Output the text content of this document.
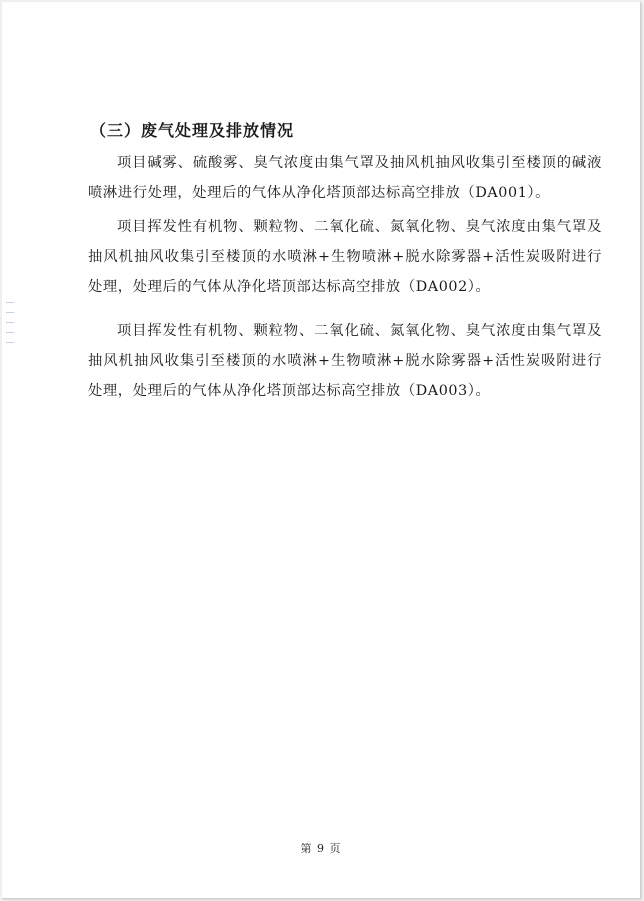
（三）废气处理及排放情况

项目碱雾、硫酸雾、臭气浓度由集气罩及抽风机抽风收集引至楼顶的碱液喷淋进行处理，处理后的气体从净化塔顶部达标高空排放（DA001）。

项目挥发性有机物、颗粒物、二氧化硫、氮氧化物、臭气浓度由集气罩及抽风机抽风收集引至楼顶的水喷淋+生物喷淋+脱水除雾器+活性炭吸附进行处理，处理后的气体从净化塔顶部达标高空排放（DA002）。

项目挥发性有机物、颗粒物、二氧化硫、氮氧化物、臭气浓度由集气罩及抽风机抽风收集引至楼顶的水喷淋+生物喷淋+脱水除雾器+活性炭吸附进行处理，处理后的气体从净化塔顶部达标高空排放（DA003）。

第 9 页
